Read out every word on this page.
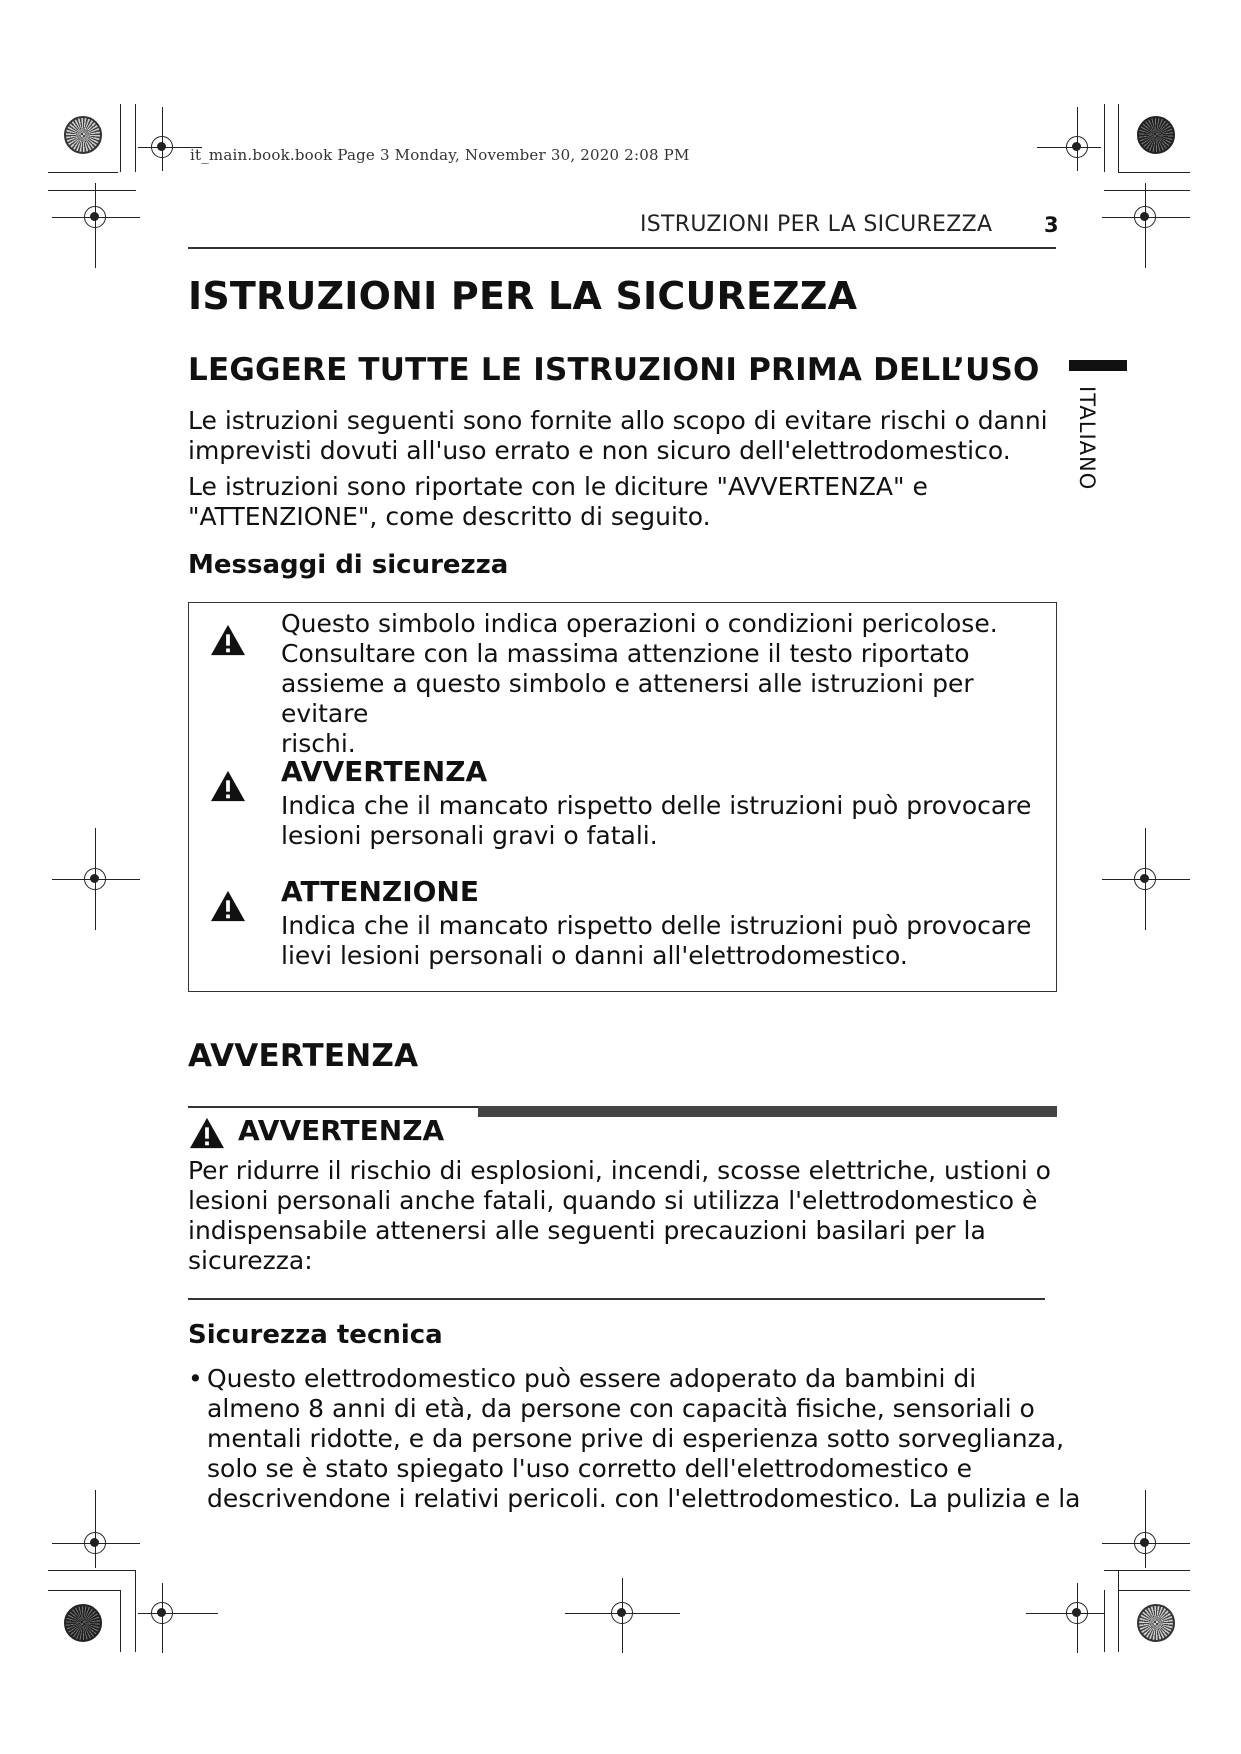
it_main.book.book Page 3 Monday, November 30, 2020 2:08 PM
ISTRUZIONI PER LA SICUREZZA 3
ITALIANO
ISTRUZIONI PER LA SICUREZZA
LEGGERE TUTTE LE ISTRUZIONI PRIMA DELL’USO
Le istruzioni seguenti sono fornite allo scopo di evitare rischi o danni
imprevisti dovuti all'uso errato e non sicuro dell'elettrodomestico.
Le istruzioni sono riportate con le diciture "AVVERTENZA" e
"ATTENZIONE", come descritto di seguito.
Messaggi di sicurezza
Questo simbolo indica operazioni o condizioni pericolose.
Consultare con la massima attenzione il testo riportato
assieme a questo simbolo e attenersi alle istruzioni per evitare
rischi.
AVVERTENZA
Indica che il mancato rispetto delle istruzioni può provocare
lesioni personali gravi o fatali.
ATTENZIONE
Indica che il mancato rispetto delle istruzioni può provocare
lievi lesioni personali o danni all'elettrodomestico.
AVVERTENZA
AVVERTENZA
Per ridurre il rischio di esplosioni, incendi, scosse elettriche, ustioni o
lesioni personali anche fatali, quando si utilizza l'elettrodomestico è
indispensabile attenersi alle seguenti precauzioni basilari per la
sicurezza:
Sicurezza tecnica
• Questo elettrodomestico può essere adoperato da bambini di
almeno 8 anni di età, da persone con capacità fisiche, sensoriali o
mentali ridotte, e da persone prive di esperienza sotto sorveglianza,
solo se è stato spiegato l'uso corretto dell'elettrodomestico e
descrivendone i relativi pericoli. con l'elettrodomestico. La pulizia e la
